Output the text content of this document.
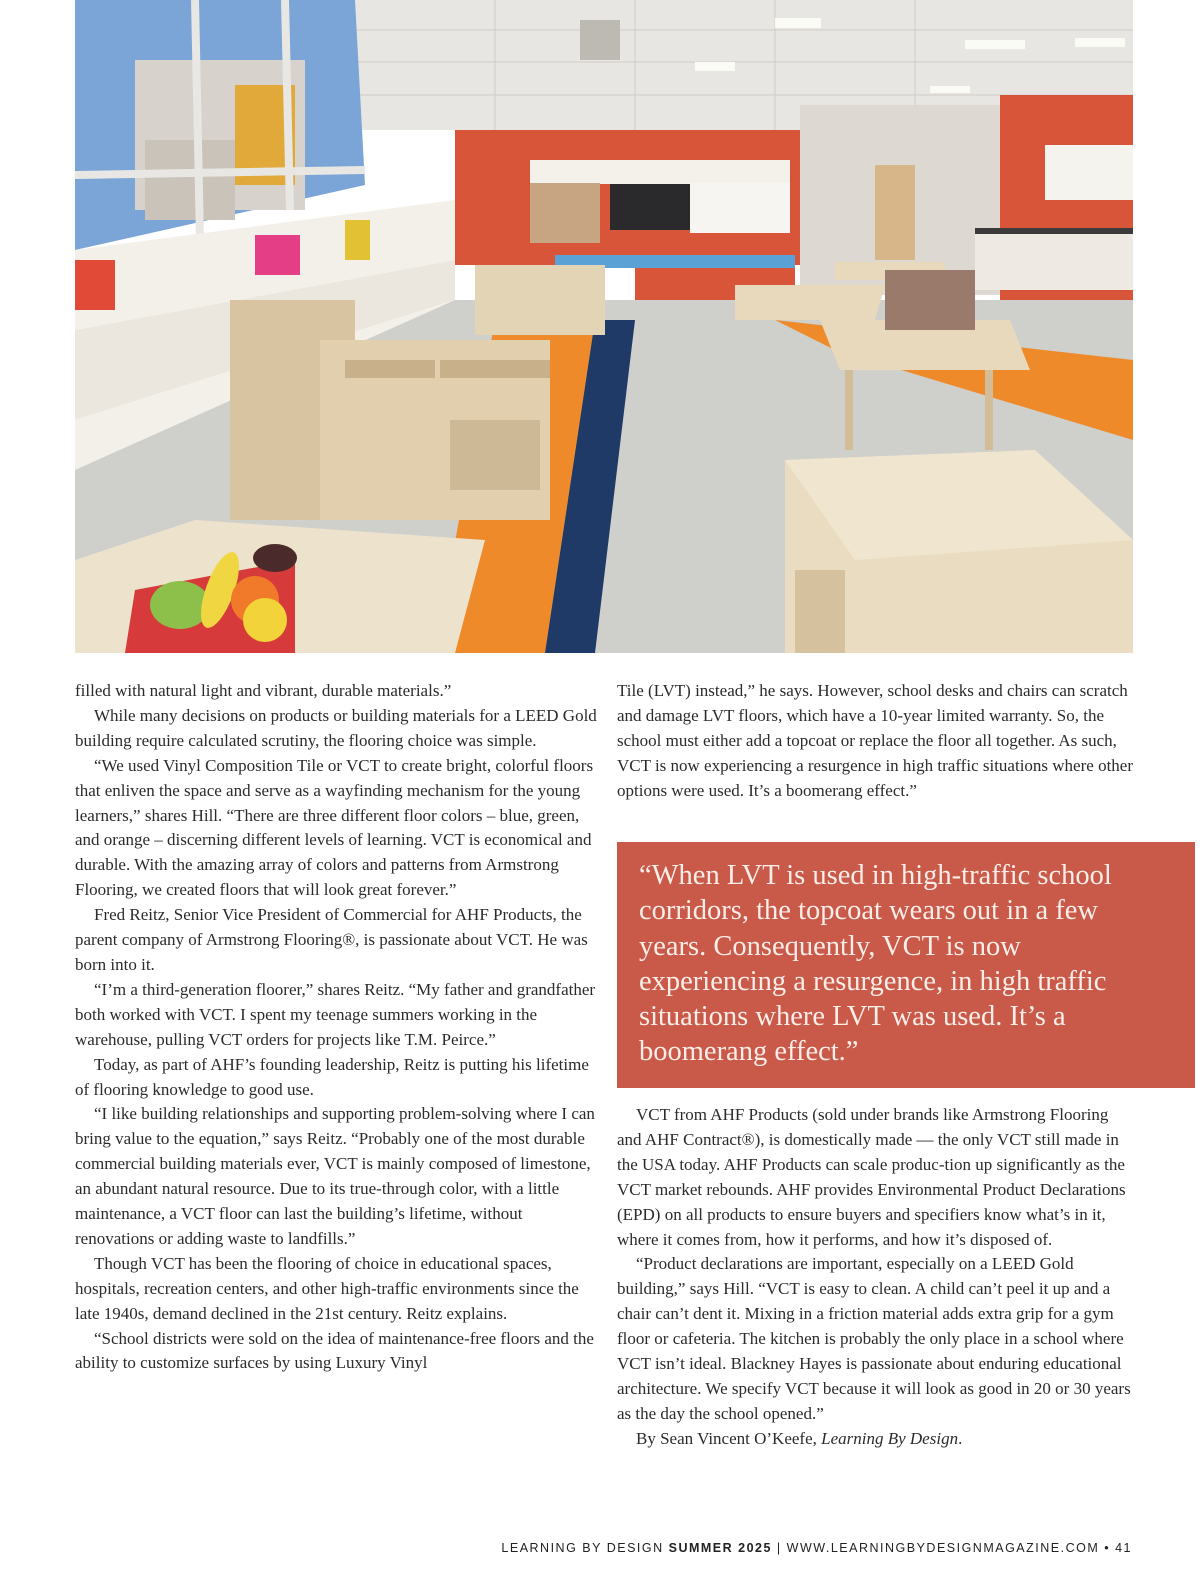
filled with natural light and vibrant, durable materials.”

While many decisions on products or building materials for a LEED Gold building require calculated scrutiny, the flooring choice was simple.

“We used Vinyl Composition Tile or VCT to create bright, colorful floors that enliven the space and serve as a wayfinding mechanism for the young learners,” shares Hill. “There are three different floor colors – blue, green, and orange – discerning different levels of learning. VCT is economical and durable. With the amazing array of colors and patterns from Armstrong Flooring, we created floors that will look great forever.”

Fred Reitz, Senior Vice President of Commercial for AHF Products, the parent company of Armstrong Flooring®, is passionate about VCT. He was born into it.

“I’m a third-generation floorer,” shares Reitz. “My father and grandfather both worked with VCT. I spent my teenage summers working in the warehouse, pulling VCT orders for projects like T.M. Peirce.”

Today, as part of AHF’s founding leadership, Reitz is putting his lifetime of flooring knowledge to good use.

“I like building relationships and supporting problem-solving where I can bring value to the equation,” says Reitz. “Probably one of the most durable commercial building materials ever, VCT is mainly composed of limestone, an abundant natural resource. Due to its true-through color, with a little maintenance, a VCT floor can last the building’s lifetime, without renovations or adding waste to landfills.”

Though VCT has been the flooring of choice in educational spaces, hospitals, recreation centers, and other high-traffic environments since the late 1940s, demand declined in the 21st century. Reitz explains.

“School districts were sold on the idea of maintenance-free floors and the ability to customize surfaces by using Luxury Vinyl

Tile (LVT) instead,” he says. However, school desks and chairs can scratch and damage LVT floors, which have a 10-year limited warranty. So, the school must either add a topcoat or replace the floor all together. As such, VCT is now experiencing a resurgence in high traffic situations where other options were used. It’s a boomerang effect.”

“When LVT is used in high-traffic school corridors, the topcoat wears out in a few years. Consequently, VCT is now experiencing a resurgence, in high traffic situations where LVT was used. It’s a boomerang effect.”

VCT from AHF Products (sold under brands like Armstrong Flooring and AHF Contract®), is domestically made — the only VCT still made in the USA today. AHF Products can scale produc-tion up significantly as the VCT market rebounds. AHF provides Environmental Product Declarations (EPD) on all products to ensure buyers and specifiers know what’s in it, where it comes from, how it performs, and how it’s disposed of.

“Product declarations are important, especially on a LEED Gold building,” says Hill. “VCT is easy to clean. A child can’t peel it up and a chair can’t dent it. Mixing in a friction material adds extra grip for a gym floor or cafeteria. The kitchen is probably the only place in a school where VCT isn’t ideal. Blackney Hayes is passionate about enduring educational architecture. We specify VCT because it will look as good in 20 or 30 years as the day the school opened.”

By Sean Vincent O’Keefe, Learning By Design.

LEARNING BY DESIGN SUMMER 2025 | WWW.LEARNINGBYDESIGNMAGAZINE.COM • 41
